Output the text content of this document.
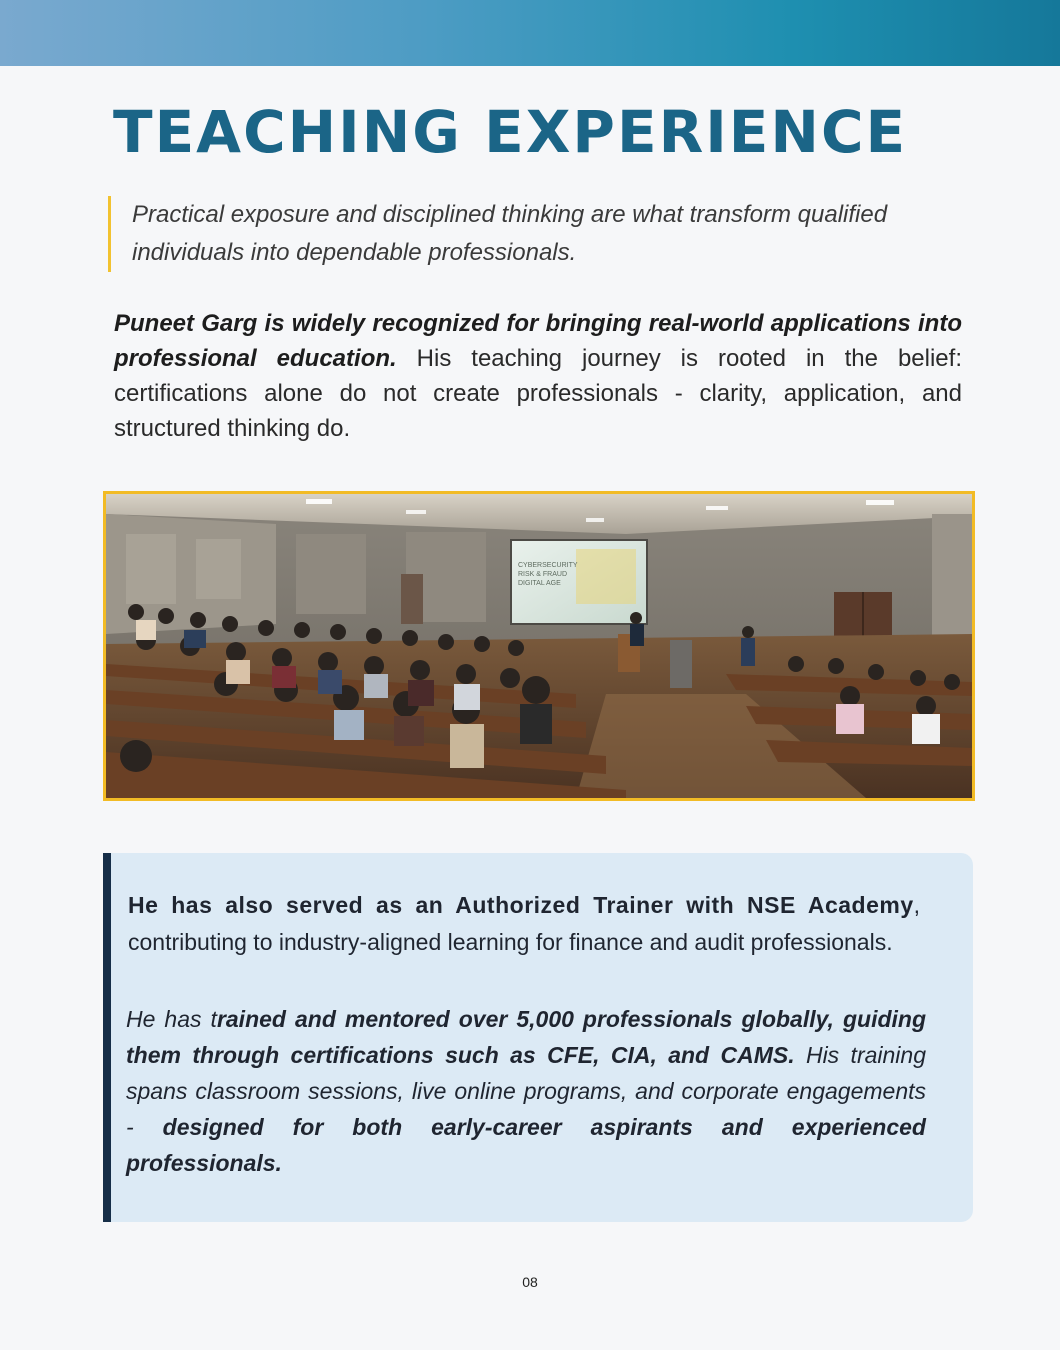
TEACHING EXPERIENCE
Practical exposure and disciplined thinking are what transform qualified individuals into dependable professionals.

Puneet Garg is widely recognized for bringing real-world applications into professional education. His teaching journey is rooted in the belief: certifications alone do not create professionals - clarity, application, and structured thinking do.

CYBERSECURITY
RISK & FRAUD
DIGITAL AGE

He has also served as an Authorized Trainer with NSE Academy, contributing to industry-aligned learning for finance and audit professionals.

He has trained and mentored over 5,000 professionals globally, guiding them through certifications such as CFE, CIA, and CAMS. His training spans classroom sessions, live online programs, and corporate engagements - designed for both early-career aspirants and experienced professionals.

08
